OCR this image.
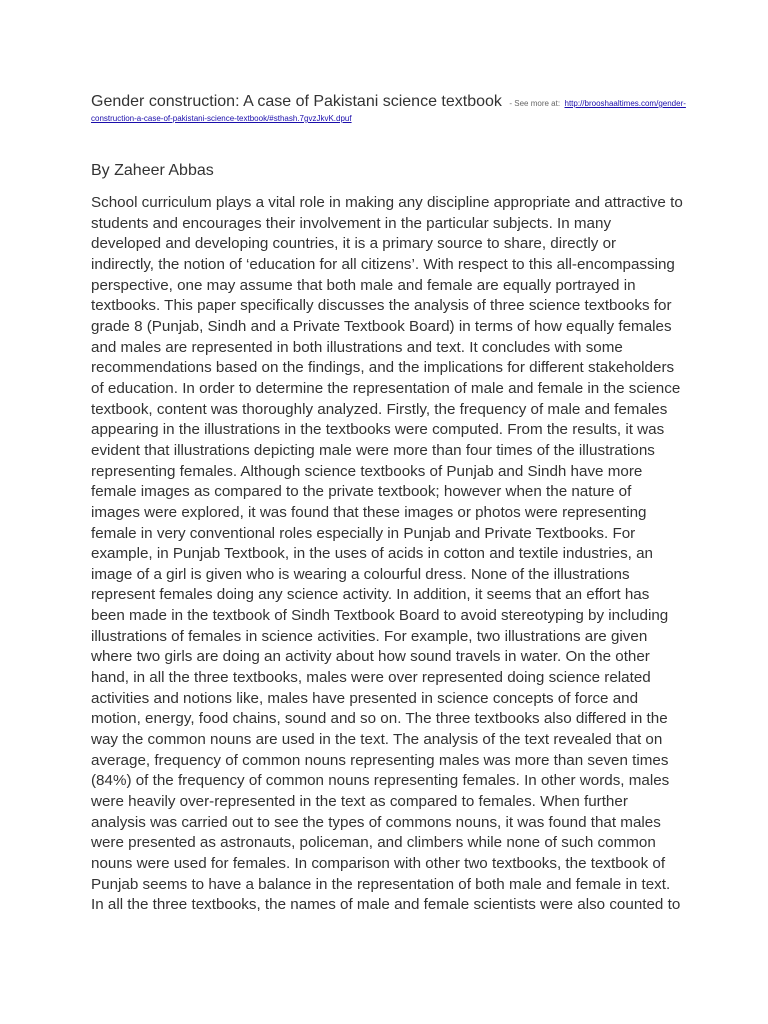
Gender construction: A case of Pakistani science textbook - See more at: http://brooshaaltimes.com/gender-
construction-a-case-of-pakistani-science-textbook/#sthash.7gvzJkvK.dpuf
By Zaheer Abbas
School curriculum plays a vital role in making any discipline appropriate and attractive to
students and encourages their involvement in the particular subjects. In many
developed and developing countries, it is a primary source to share, directly or
indirectly, the notion of ‘education for all citizens’. With respect to this all-encompassing
perspective, one may assume that both male and female are equally portrayed in
textbooks. This paper specifically discusses the analysis of three science textbooks for
grade 8 (Punjab, Sindh and a Private Textbook Board) in terms of how equally females
and males are represented in both illustrations and text. It concludes with some
recommendations based on the findings, and the implications for different stakeholders
of education. In order to determine the representation of male and female in the science
textbook, content was thoroughly analyzed. Firstly, the frequency of male and females
appearing in the illustrations in the textbooks were computed. From the results, it was
evident that illustrations depicting male were more than four times of the illustrations
representing females. Although science textbooks of Punjab and Sindh have more
female images as compared to the private textbook; however when the nature of
images were explored, it was found that these images or photos were representing
female in very conventional roles especially in Punjab and Private Textbooks. For
example, in Punjab Textbook, in the uses of acids in cotton and textile industries, an
image of a girl is given who is wearing a colourful dress. None of the illustrations
represent females doing any science activity. In addition, it seems that an effort has
been made in the textbook of Sindh Textbook Board to avoid stereotyping by including
illustrations of females in science activities. For example, two illustrations are given
where two girls are doing an activity about how sound travels in water. On the other
hand, in all the three textbooks, males were over represented doing science related
activities and notions like, males have presented in science concepts of force and
motion, energy, food chains, sound and so on. The three textbooks also differed in the
way the common nouns are used in the text. The analysis of the text revealed that on
average, frequency of common nouns representing males was more than seven times
(84%) of the frequency of common nouns representing females. In other words, males
were heavily over-represented in the text as compared to females. When further
analysis was carried out to see the types of commons nouns, it was found that males
were presented as astronauts, policeman, and climbers while none of such common
nouns were used for females. In comparison with other two textbooks, the textbook of
Punjab seems to have a balance in the representation of both male and female in text.
In all the three textbooks, the names of male and female scientists were also counted to
